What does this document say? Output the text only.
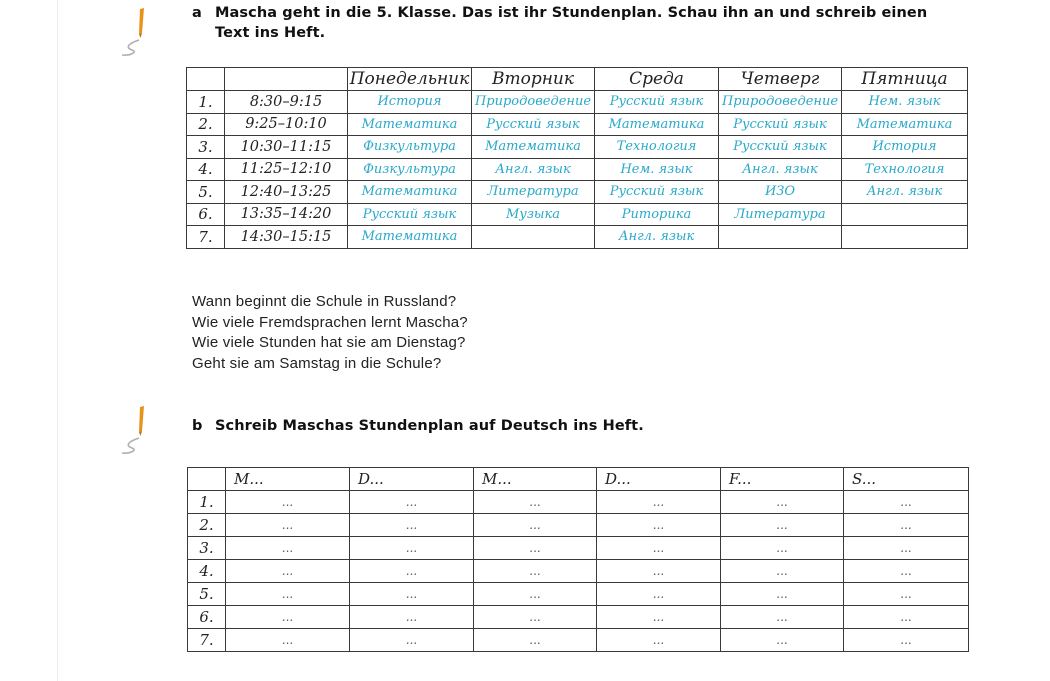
a Mascha geht in die 5. Klasse. Das ist ihr Stundenplan. Schau ihn an und schreib einen
Text ins Heft.
		Понедельник	Вторник	Среда	Четверг	Пятница
1.	8:30–9:15	История	Природоведение	Русский язык	Природоведение	Нем. язык
2.	9:25–10:10	Математика	Русский язык	Математика	Русский язык	Математика
3.	10:30–11:15	Физкультура	Математика	Технология	Русский язык	История
4.	11:25–12:10	Физкультура	Англ. язык	Нем. язык	Англ. язык	Технология
5.	12:40–13:25	Математика	Литература	Русский язык	ИЗО	Англ. язык
6.	13:35–14:20	Русский язык	Музыка	Риторика	Литература	
7.	14:30–15:15	Математика		Англ. язык		
Wann beginnt die Schule in Russland?
Wie viele Fremdsprachen lernt Mascha?
Wie viele Stunden hat sie am Dienstag?
Geht sie am Samstag in die Schule?
b Schreib Maschas Stundenplan auf Deutsch ins Heft.
	M...	D...	M...	D...	F...	S...
1.	...	...	...	...	...	...
2.	...	...	...	...	...	...
3.	...	...	...	...	...	...
4.	...	...	...	...	...	...
5.	...	...	...	...	...	...
6.	...	...	...	...	...	...
7.	...	...	...	...	...	...
